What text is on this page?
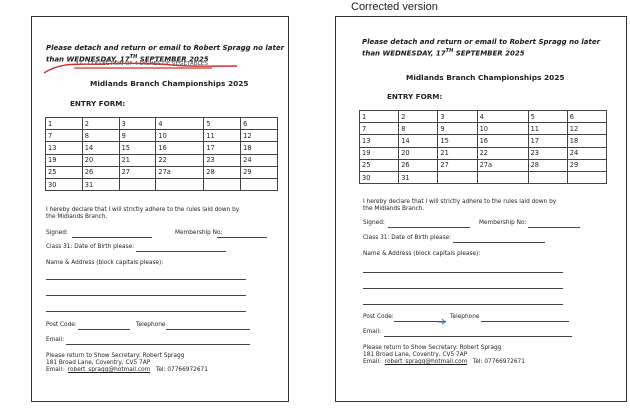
Corrected version
Please detach and return or email to Robert Spragg no later
than WEDNESDAY, 17TH SEPTEMBER 2025
32 - COLLECTION OF 4 DISHES OF VEGETABLES
Midlands Branch Championships 2025
ENTRY FORM:
1	2	3	4	5	6
7	8	9	10	11	12
13	14	15	16	17	18
19	20	21	22	23	24
25	26	27	27a	28	29
30	31				
I hereby declare that I will strictly adhere to the rules laid down by
the Midlands Branch.
Signed:	Membership No:
Class 31: Date of Birth please:
Name & Address (block capitals please):
Post Code:	Telephone
Email:
Please return to Show Secretary: Robert Spragg
181 Broad Lane, Coventry, CV5 7AP
Email: robert_spragg@hotmail.com Tel: 07766972671
Please detach and return or email to Robert Spragg no later
than WEDNESDAY, 17TH SEPTEMBER 2025
Midlands Branch Championships 2025
ENTRY FORM:
1	2	3	4	5	6
7	8	9	10	11	12
13	14	15	16	17	18
19	20	21	22	23	24
25	26	27	27a	28	29
30	31				
I hereby declare that I will strictly adhere to the rules laid down by
the Midlands Branch.
Signed:	Membership No:
Class 31: Date of Birth please:
Name & Address (block capitals please):
Post Code:	Telephone
Email:
Please return to Show Secretary: Robert Spragg
181 Broad Lane, Coventry, CV5 7AP
Email: robert_spragg@hotmail.com Tel: 07766972671
